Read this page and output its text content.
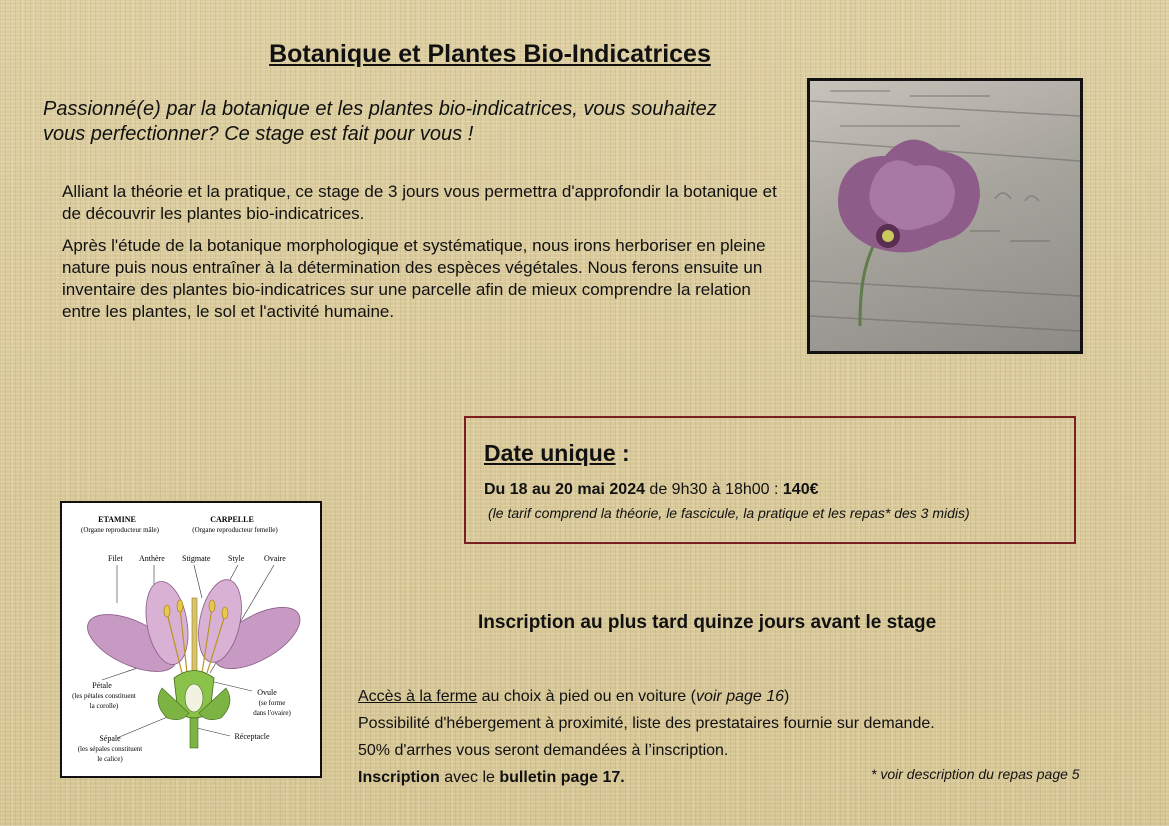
Botanique et Plantes Bio-Indicatrices
Passionné(e) par la botanique et les plantes bio-indicatrices, vous souhaitez vous perfectionner? Ce stage est fait pour vous !

Alliant la théorie et la pratique, ce stage de 3 jours vous permettra d'approfondir la botanique et de découvrir les plantes bio-indicatrices.

Après l'étude de la botanique morphologique et systématique, nous irons herboriser en pleine nature puis nous entraîner à la détermination des espèces végétales. Nous ferons ensuite un inventaire des plantes bio-indicatrices sur une parcelle afin de mieux comprendre la relation entre les plantes, le sol et l'activité humaine.

Date unique :
Du 18 au 20 mai 2024 de 9h30 à 18h00 : 140€
(le tarif comprend la théorie, le fascicule, la pratique et les repas* des 3 midis)
ETAMINE
(Organe reproducteur mâle)
CARPELLE
(Organe reproducteur femelle)
Filet Anthère Stigmate Style Ovaire
Pétale
(les pétales constituent
la corolle)
Ovule
(se forme
dans l'ovaire)
Réceptacle
Sépale
(les sépales constituent
le calice)
Inscription au plus tard quinze jours avant le stage
Accès à la ferme au choix à pied ou en voiture (voir page 16)
Possibilité d'hébergement à proximité, liste des prestataires fournie sur demande.
50% d'arrhes vous seront demandées à l’inscription.
Inscription avec le bulletin page 17.	* voir description du repas page 5
